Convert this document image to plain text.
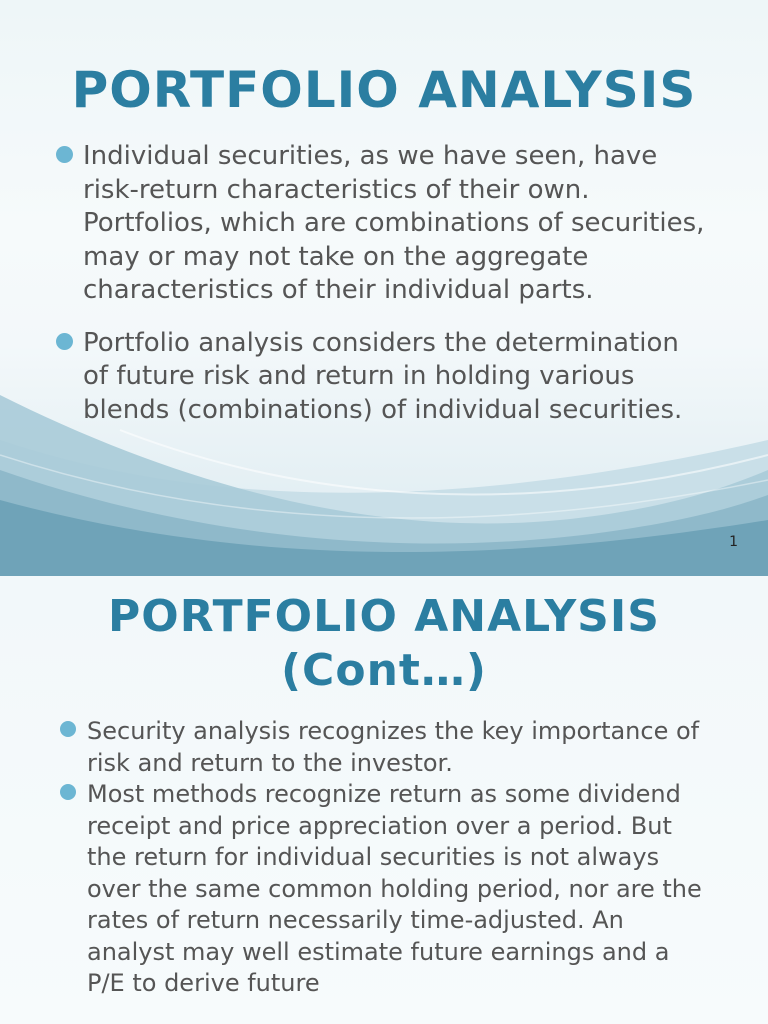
PORTFOLIO ANALYSIS
Individual securities, as we have seen, have risk-return characteristics of their own. Portfolios, which are combinations of securities, may or may not take on the aggregate characteristics of their individual parts.
Portfolio analysis considers the determination of future risk and return in holding various blends (combinations) of individual securities.
1
PORTFOLIO ANALYSIS
(Cont…)
Security analysis recognizes the key importance of risk and return to the investor.
Most methods recognize return as some dividend receipt and price appreciation over a period. But the return for individual securities is not always over the same common holding period, nor are the rates of return necessarily time-adjusted. An analyst may well estimate future earnings and a P/E to derive future
